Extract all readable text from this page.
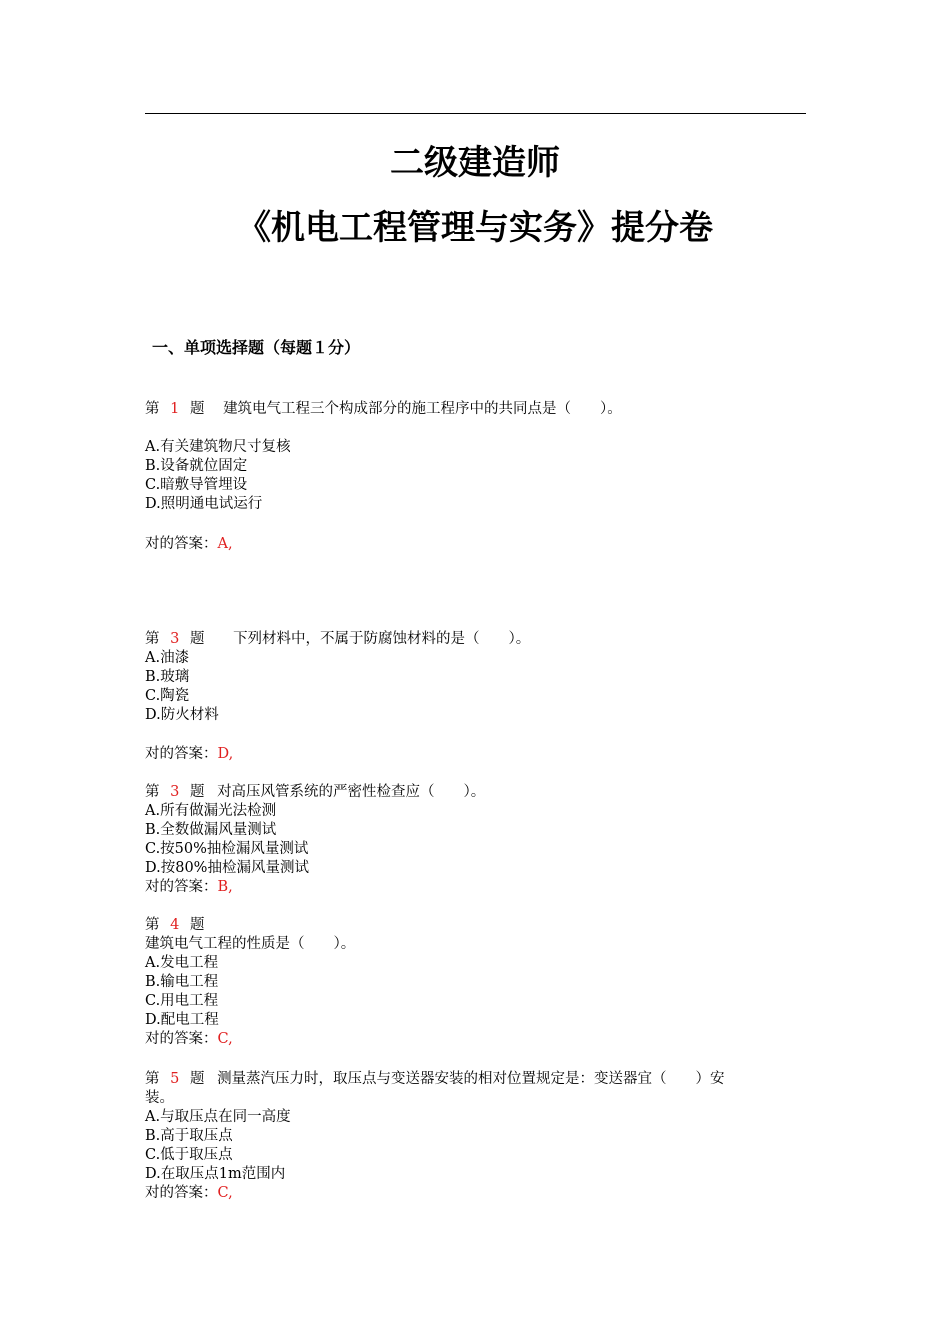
二级建造师
《机电工程管理与实务》提分卷
一、单项选择题（每题１分）
第 1 题 建筑电气工程三个构成部分的施工程序中的共同点是（　　）。
A.有关建筑物尺寸复核
B.设备就位固定
C.暗敷导管埋设
D.照明通电试运行
对的答案：A,
第 3 题 下列材料中，不属于防腐蚀材料的是（　　）。
A.油漆
B.玻璃
C.陶瓷
D.防火材料
对的答案：D,
第 3 题 对高压风管系统的严密性检查应（　　）。
A.所有做漏光法检测
B.全数做漏风量测试
C.按50%抽检漏风量测试
D.按80%抽检漏风量测试
对的答案：B,
第 4 题
建筑电气工程的性质是（　　）。
A.发电工程
B.输电工程
C.用电工程
D.配电工程
对的答案：C,
第 5 题 测量蒸汽压力时，取压点与变送器安装的相对位置规定是：变送器宜（　　）安
装。
A.与取压点在同一高度
B.高于取压点
C.低于取压点
D.在取压点1m范围内
对的答案：C,
